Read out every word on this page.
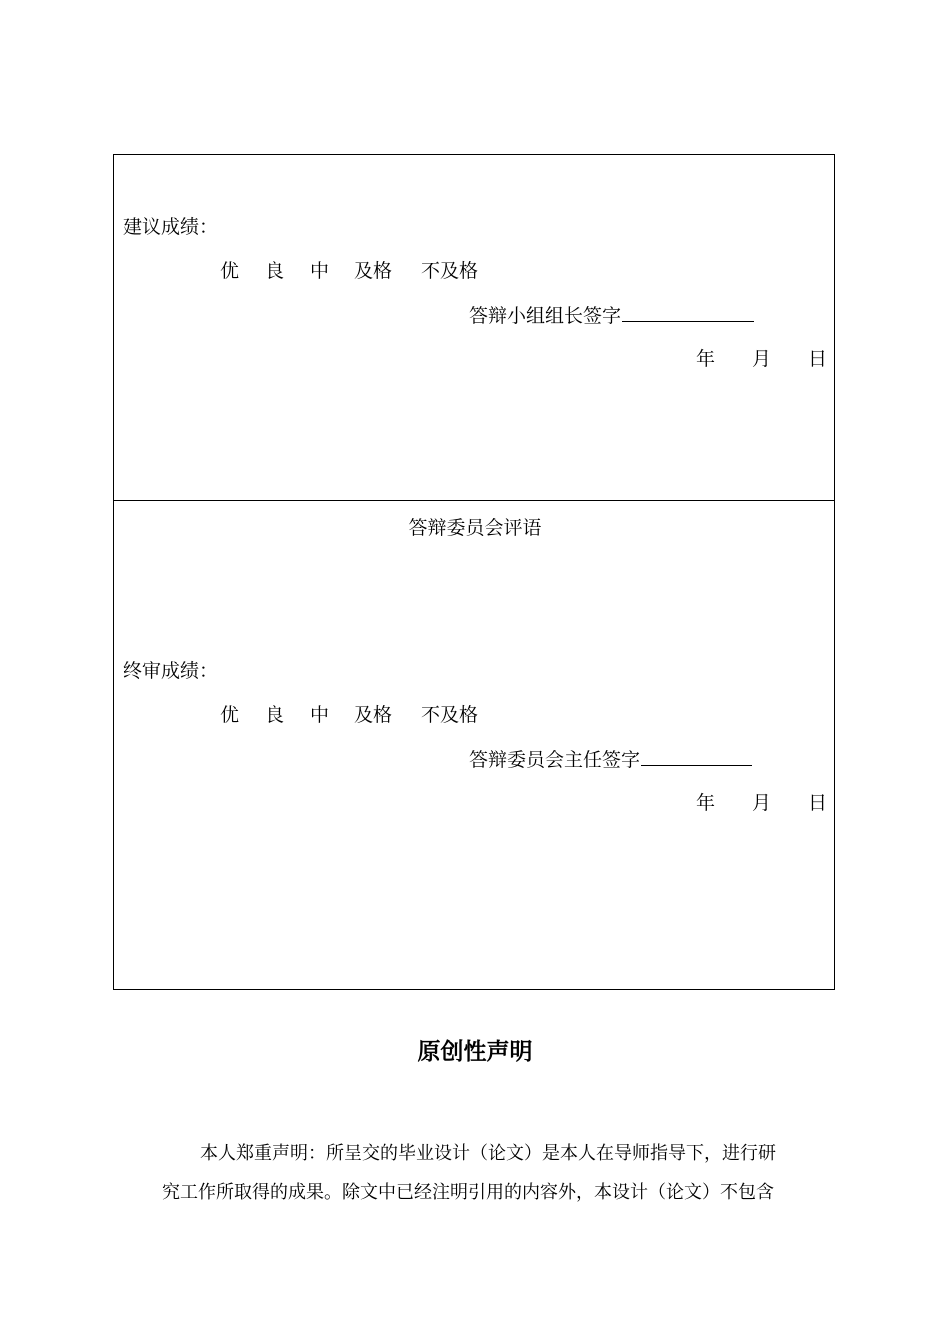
建议成绩：
优 良 中 及格 不及格
答辩小组组长签字
年 月 日
答辩委员会评语
终审成绩：
优 良 中 及格 不及格
答辩委员会主任签字
年 月 日
原创性声明
本人郑重声明：所呈交的毕业设计（论文）是本人在导师指导下，进行研
究工作所取得的成果。除文中已经注明引用的内容外，本设计（论文）不包含
